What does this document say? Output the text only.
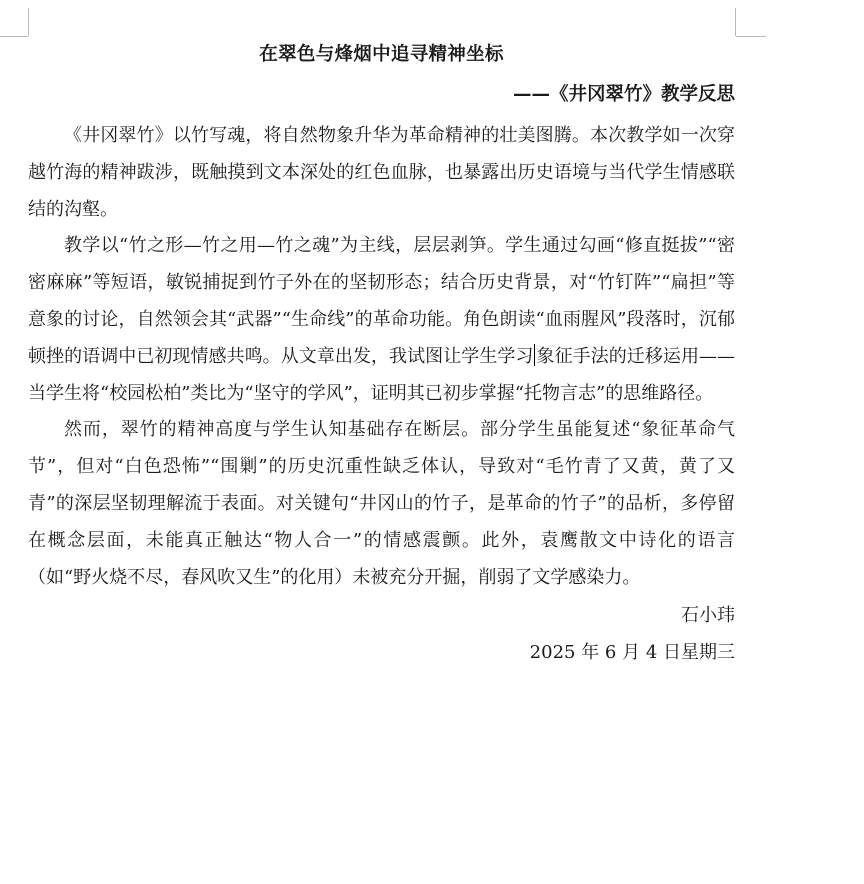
在翠色与烽烟中追寻精神坐标
——《井冈翠竹》教学反思

《井冈翠竹》以竹写魂，将自然物象升华为革命精神的壮美图腾。本次教学如一次穿越竹海的精神跋涉，既触摸到文本深处的红色血脉，也暴露出历史语境与当代学生情感联结的沟壑。

教学以“竹之形—竹之用—竹之魂”为主线，层层剥笋。学生通过勾画“修直挺拔”“密密麻麻”等短语，敏锐捕捉到竹子外在的坚韧形态；结合历史背景，对“竹钉阵”“扁担”等意象的讨论，自然领会其“武器”“生命线”的革命功能。角色朗读“血雨腥风”段落时，沉郁顿挫的语调中已初现情感共鸣。从文章出发，我试图让学生学习 象征手法的迁移运用——当学生将“校园松柏”类比为“坚守的学风”，证明其已初步掌握“托物言志”的思维路径。

然而，翠竹的精神高度与学生认知基础存在断层。部分学生虽能复述“象征革命气节”，但对“白色恐怖”“围剿”的历史沉重性缺乏体认，导致对“毛竹青了又黄，黄了又青”的深层坚韧理解流于表面。对关键句“井冈山的竹子，是革命的竹子”的品析，多停留在概念层面，未能真正触达“物人合一”的情感震颤。此外，袁鹰散文中诗化的语言（如“野火烧不尽，春风吹又生”的化用）未被充分开掘，削弱了文学感染力。

石小玮
2025 年 6 月 4 日星期三
